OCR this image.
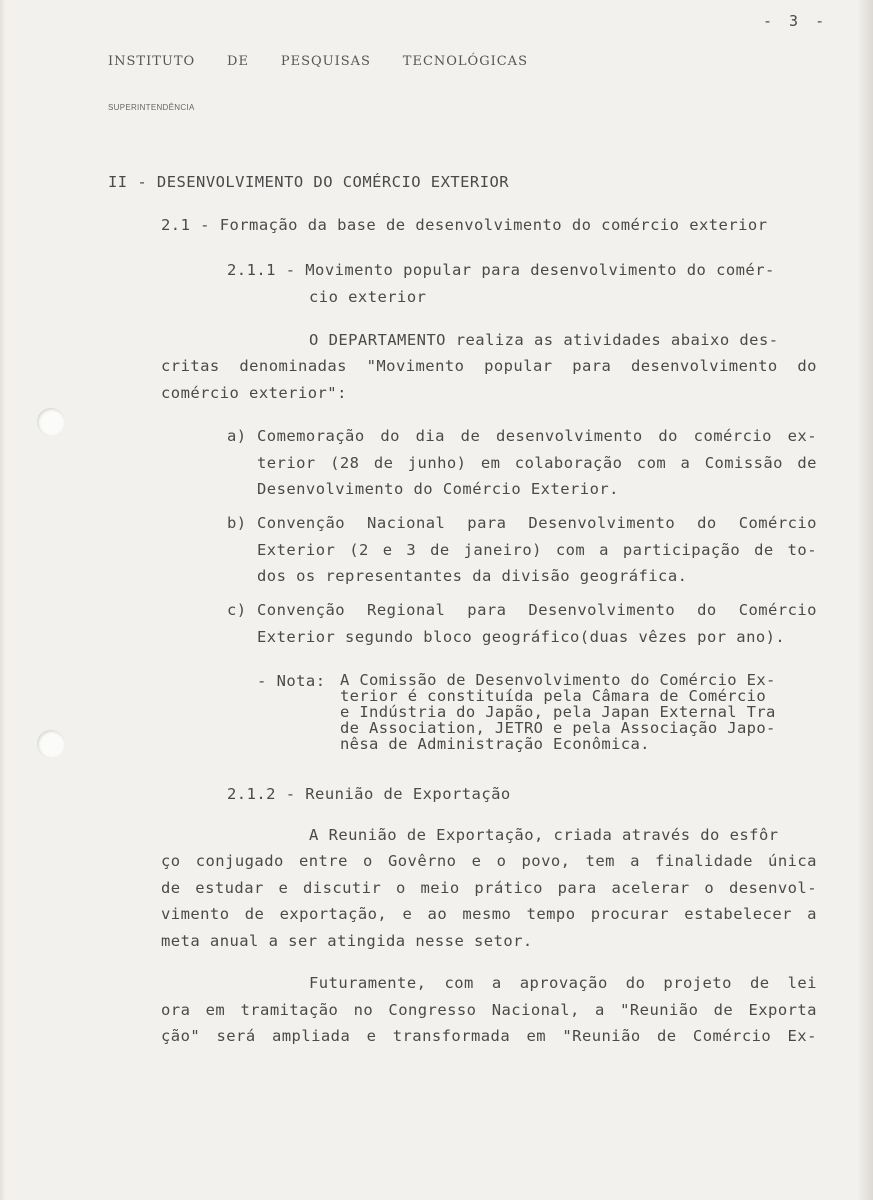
- 3 -
INSTITUTO DE PESQUISAS TECNOLÓGICAS
SUPERINTENDÊNCIA
II - DESENVOLVIMENTO DO COMÉRCIO EXTERIOR
2.1 - Formação da base de desenvolvimento do comércio exterior
2.1.1 - Movimento popular para desenvolvimento do comér-
cio exterior
O DEPARTAMENTO realiza as atividades abaixo des-
critas denominadas "Movimento popular para desenvolvimento do
comércio exterior":
a) Comemoração do dia de desenvolvimento do comércio ex-
terior (28 de junho) em colaboração com a Comissão de
Desenvolvimento do Comércio Exterior.
b) Convenção Nacional para Desenvolvimento do Comércio
Exterior (2 e 3 de janeiro) com a participação de to-
dos os representantes da divisão geográfica.
c) Convenção Regional para Desenvolvimento do Comércio
Exterior segundo bloco geográfico(duas vêzes por ano).
- Nota: A Comissão de Desenvolvimento do Comércio Ex-
terior é constituída pela Câmara de Comércio
e Indústria do Japão, pela Japan External Tra
de Association, JETRO e pela Associação Japo-
nêsa de Administração Econômica.
2.1.2 - Reunião de Exportação
A Reunião de Exportação, criada através do esfôr
ço conjugado entre o Govêrno e o povo, tem a finalidade única
de estudar e discutir o meio prático para acelerar o desenvol-
vimento de exportação, e ao mesmo tempo procurar estabelecer a
meta anual a ser atingida nesse setor.
Futuramente, com a aprovação do projeto de lei
ora em tramitação no Congresso Nacional, a "Reunião de Exporta
ção" será ampliada e transformada em "Reunião de Comércio Ex-
